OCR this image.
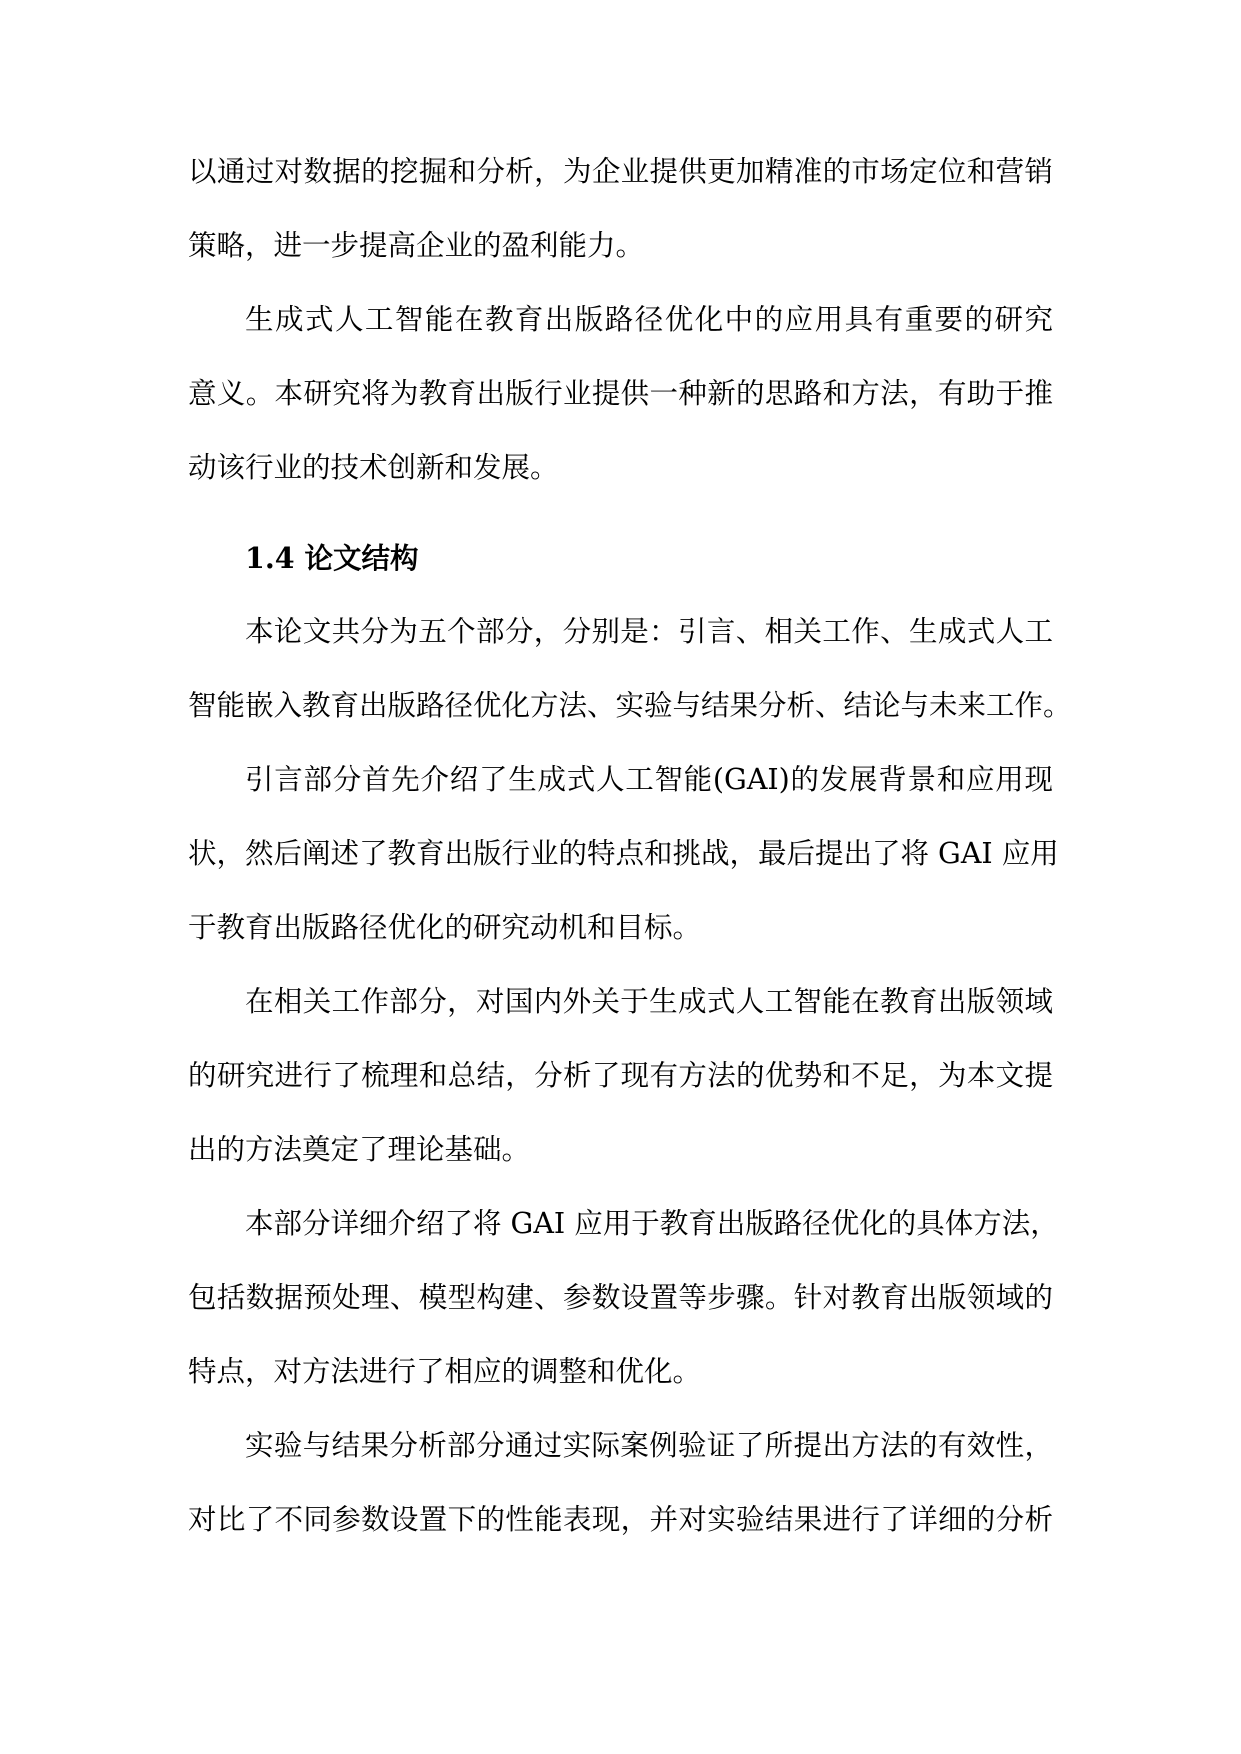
以通过对数据的挖掘和分析，为企业提供更加精准的市场定位和营销
策略，进一步提高企业的盈利能力。
生成式人工智能在教育出版路径优化中的应用具有重要的研究
意义。本研究将为教育出版行业提供一种新的思路和方法，有助于推
动该行业的技术创新和发展。
1.4 论文结构
本论文共分为五个部分，分别是：引言、相关工作、生成式人工
智能嵌入教育出版路径优化方法、实验与结果分析、结论与未来工作。
引言部分首先介绍了生成式人工智能(GAI)的发展背景和应用现
状，然后阐述了教育出版行业的特点和挑战，最后提出了将 GAI 应用
于教育出版路径优化的研究动机和目标。
在相关工作部分，对国内外关于生成式人工智能在教育出版领域
的研究进行了梳理和总结，分析了现有方法的优势和不足，为本文提
出的方法奠定了理论基础。
本部分详细介绍了将 GAI 应用于教育出版路径优化的具体方法，
包括数据预处理、模型构建、参数设置等步骤。针对教育出版领域的
特点，对方法进行了相应的调整和优化。
实验与结果分析部分通过实际案例验证了所提出方法的有效性，
对比了不同参数设置下的性能表现，并对实验结果进行了详细的分析
